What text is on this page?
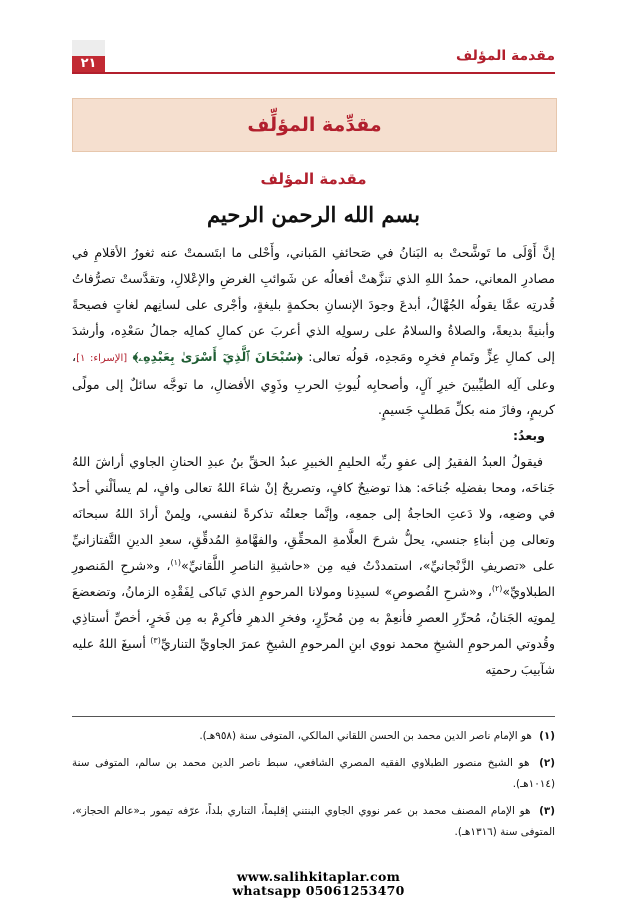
٢١	مقدمة المؤلف
مقدِّمة المؤلِّف
مقدمة المؤلف
بسم الله الرحمن الرحيم

إنَّ أَوْلَى ما تَوشَّحتْ به البَنانُ في صَحائفِ المَباني، وأَحْلى ما ابتَسمتْ عنه ثغورُ الأقلامِ في مصادرِ المعاني، حمدُ اللهِ الذي تنزَّهتْ أفعالُه عن شَوائبِ الغرضِ والإعْلالِ، وتقدَّستْ تصرُّفاتُ قُدرتِه عمَّا يقولُه الجُهَّالُ، أبدعَ وجودَ الإنسانِ بحكمةٍ بليغةٍ، وأجْرى على لسانِهم لغاتٍ فصيحةً وأبنيةً بديعةً، والصلاةُ والسلامُ على رسولِه الذي أعربَ عن كمالِ كمالِه جمالُ سَعْدِه، وأرشدَ إلى كمالِ عِزٍّ وتَمامِ فخرِه ومَجدِه، قولُه تعالى: ﴿سُبْحَانَ ٱلَّذِيٓ أَسْرَىٰ بِعَبْدِهِۦ﴾ [الإسراء: ١]، وعلى آلِه الطيِّبينَ خيرِ آلٍ، وأصحابِه لُيوثِ الحربِ وذَوِي الأفضالِ، ما توجَّه سائلٌ إلى مولًى كريمٍ، وفازَ منه بكلِّ مَطلبٍ جَسيمٍ.

وبعدُ:

فيقولُ العبدُ الفقيرُ إلى عفوِ ربِّه الحليمِ الخبيرِ عبدُ الحقِّ بنُ عبدِ الحنانِ الجاوي أراشَ اللهُ جَناحَه، ومحا بفضلِه جُناحَه: هذا توضيحٌ كافٍ، وتصريحٌ إنْ شاءَ اللهُ تعالى وافٍ، لم يسألْني أحدٌ في وضعِه، ولا دَعتِ الحاجةُ إلى جمعِه، وإنَّما جعلتُه تذكرةً لنفسي، ولِمنْ أرادَ اللهُ سبحانَه وتعالى مِن أبناءِ جنسي، يحلُّ شرحَ العلَّامةِ المحقِّقِ، والفهَّامةِ المُدقِّقِ، سعدِ الدينِ التَّفتازانيِّ على «تصريفِ الزَّنْجانيِّ»، استمددْتُ فيه مِن «حاشيةِ الناصرِ اللَّقانيِّ»$^{(١)}$، و«شرحِ المَنصورِ الطبلاويِّ»$^{(٢)}$، و«شرحِ الفُصوصِ» لسيدِنا ومولانا المرحومِ الذي تَباكى لِفَقْدِه الزمانُ، وتضعضعَ لِموتِه الجَنانُ، مُحرِّرِ العصرِ فأنعِمْ به مِن مُحرِّرٍ، وفخرِ الدهرِ فأكرِمْ به مِن فَخرٍ، أخصِّ أستاذِي وقُدوتي المرحومِ الشيخِ محمد نووي ابنِ المرحومِ الشيخِ عمرَ الجاويِّ التناريِّ$^{(٣)}$ أسبغَ اللهُ عليه شآبيبَ رحمتِه

(١) هو الإمام ناصر الدين محمد بن الحسن اللقاني المالكي، المتوفى سنة (٩٥٨هـ).

(٢) هو الشيخ منصور الطبلاوي الفقيه المصري الشافعي، سبط ناصر الدين محمد بن سالم، المتوفى سنة (١٠١٤هـ).

(٣) هو الإمام المصنف محمد بن عمر نووي الجاوي البنتني إقليماً، التناري بلداً، عرّفه تيمور بـ«عالم الحجاز»، المتوفى سنة (١٣١٦هـ).

www.salihkitaplar.com
whatsapp 05061253470
